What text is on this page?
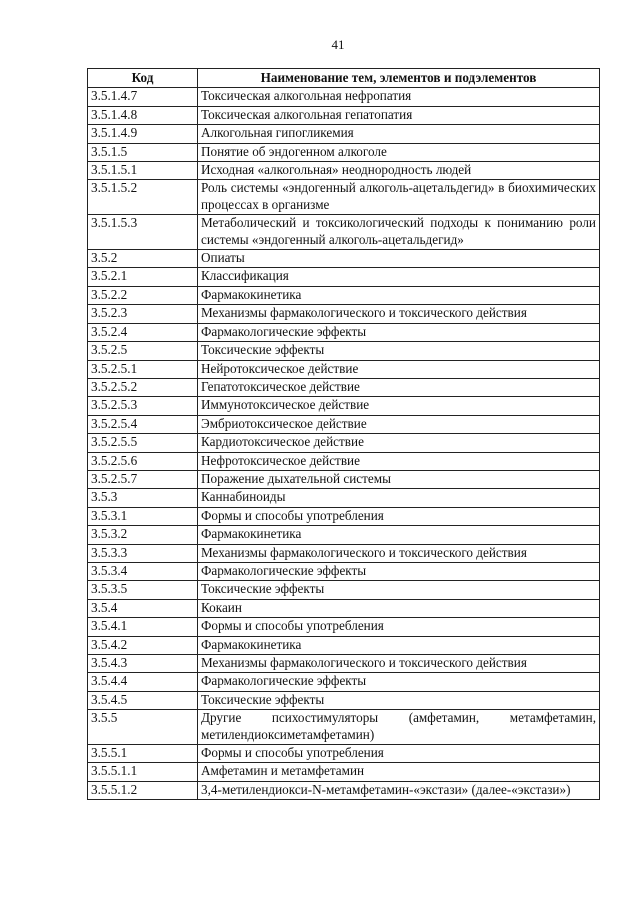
41
Код	Наименование тем, элементов и подэлементов
3.5.1.4.7	Токсическая алкогольная нефропатия
3.5.1.4.8	Токсическая алкогольная гепатопатия
3.5.1.4.9	Алкогольная гипогликемия
3.5.1.5	Понятие об эндогенном алкоголе
3.5.1.5.1	Исходная «алкогольная» неоднородность людей
3.5.1.5.2	Роль системы «эндогенный алкоголь-ацетальдегид» в биохимических процессах в организме
3.5.1.5.3	Метаболический и токсикологический подходы к пониманию роли системы «эндогенный алкоголь-ацетальдегид»
3.5.2	Опиаты
3.5.2.1	Классификация
3.5.2.2	Фармакокинетика
3.5.2.3	Механизмы фармакологического и токсического действия
3.5.2.4	Фармакологические эффекты
3.5.2.5	Токсические эффекты
3.5.2.5.1	Нейротоксическое действие
3.5.2.5.2	Гепатотоксическое действие
3.5.2.5.3	Иммунотоксическое действие
3.5.2.5.4	Эмбриотоксическое действие
3.5.2.5.5	Кардиотоксическое действие
3.5.2.5.6	Нефротоксическое действие
3.5.2.5.7	Поражение дыхательной системы
3.5.3	Каннабиноиды
3.5.3.1	Формы и способы употребления
3.5.3.2	Фармакокинетика
3.5.3.3	Механизмы фармакологического и токсического действия
3.5.3.4	Фармакологические эффекты
3.5.3.5	Токсические эффекты
3.5.4	Кокаин
3.5.4.1	Формы и способы употребления
3.5.4.2	Фармакокинетика
3.5.4.3	Механизмы фармакологического и токсического действия
3.5.4.4	Фармакологические эффекты
3.5.4.5	Токсические эффекты
3.5.5	Другие психостимуляторы (амфетамин, метамфетамин, метилендиоксиметамфетамин)
3.5.5.1	Формы и способы употребления
3.5.5.1.1	Амфетамин и метамфетамин
3.5.5.1.2	3,4-метилендиокси-N-метамфетамин-«экстази» (далее-«экстази»)
